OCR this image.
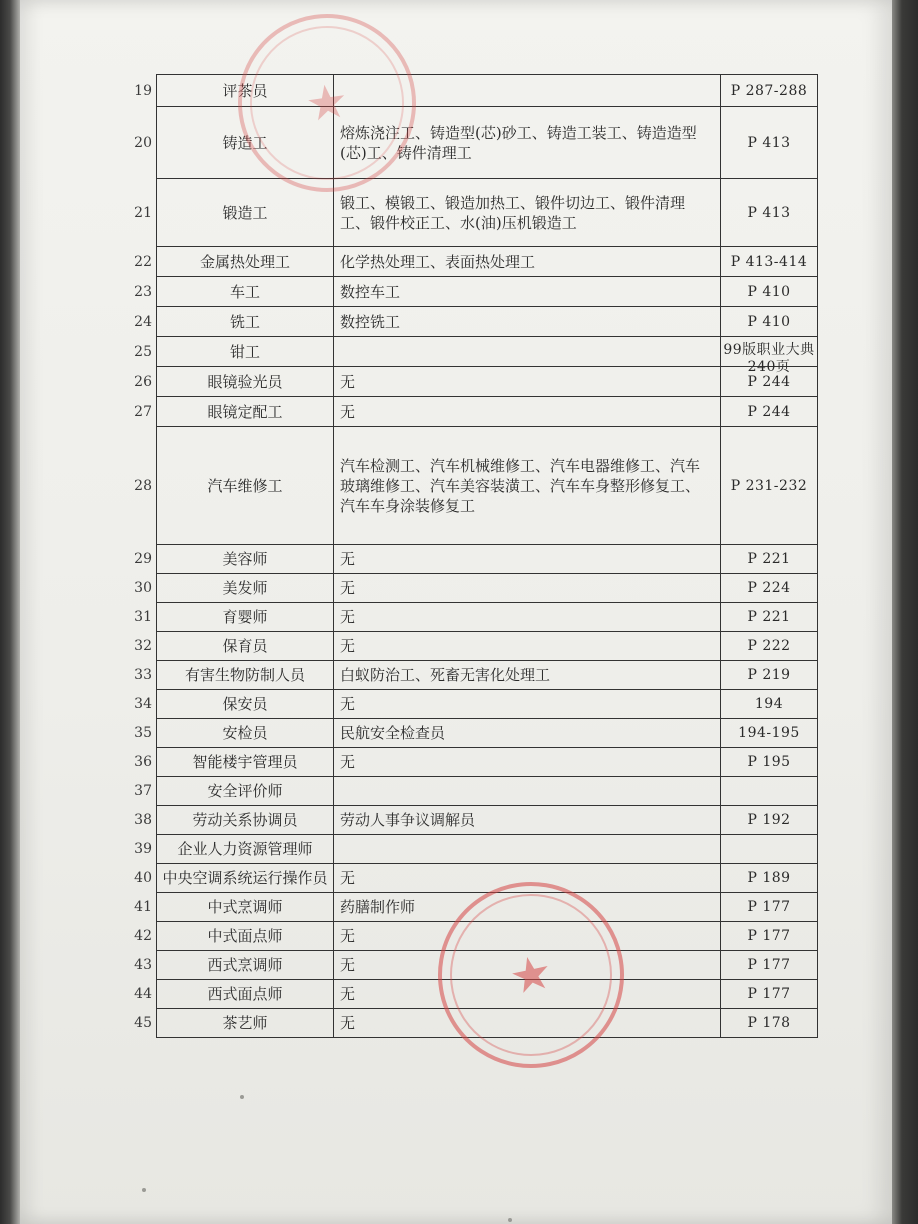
19	评茶员		P 287-288
20	铸造工	熔炼浇注工、铸造型(芯)砂工、铸造工装工、铸造造型(芯)工、铸件清理工	P 413
21	锻造工	锻工、模锻工、锻造加热工、锻件切边工、锻件清理工、锻件校正工、水(油)压机锻造工	P 413
22	金属热处理工	化学热处理工、表面热处理工	P 413-414
23	车工	数控车工	P 410
24	铣工	数控铣工	P 410
25	钳工		99版职业大典240页

26	眼镜验光员	无	P 244
27	眼镜定配工	无	P 244
28	汽车维修工	汽车检测工、汽车机械维修工、汽车电器维修工、汽车玻璃维修工、汽车美容装潢工、汽车车身整形修复工、汽车车身涂装修复工	P 231-232
29	美容师	无	P 221
30	美发师	无	P 224
31	育婴师	无	P 221
32	保育员	无	P 222
33	有害生物防制人员	白蚁防治工、死畜无害化处理工	P 219
34	保安员	无	194
35	安检员	民航安全检查员	194-195
36	智能楼宇管理员	无	P 195
37	安全评价师		
38	劳动关系协调员	劳动人事争议调解员	P 192
39	企业人力资源管理师		
40	中央空调系统运行操作员	无	P 189
41	中式烹调师	药膳制作师	P 177
42	中式面点师	无	P 177
43	西式烹调师	无	P 177
44	西式面点师	无	P 177
45	茶艺师	无	P 178
★
★
